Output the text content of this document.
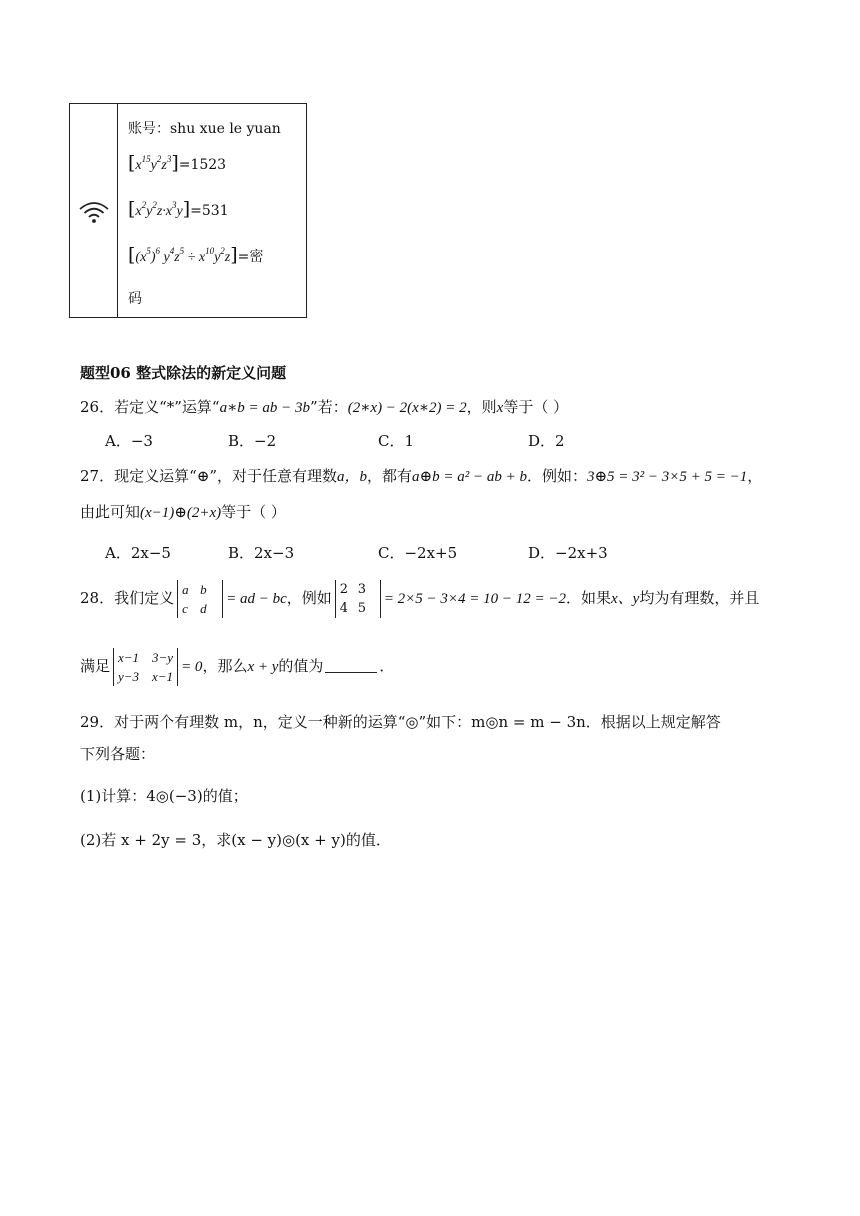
账号：shu xue le yuan
$[x^{15}y^2z^3]=1523$
$[x^2y^2z\cdot x^3y]=531$
[$(x^5)^6$ $y^4z^5 \div x^{10}y^2z]=$密
码
题型06 整式除法的新定义问题
26．若定义“*”运算“a∗b = ab − 3b”若：(2∗x) − 2(x∗2) = 2，则x等于（ ）
A．−3	B．−2	C．1	D．2
27．现定义运算“⊕”，对于任意有理数a，b，都有a⊕b = a² − ab + b．例如：3⊕5 = 3² − 3×5 + 5 = −1，
由此可知(x−1)⊕(2+x)等于（ ）
A．2x−5	B．2x−3	C．−2x+5	D．−2x+3
28．我们定义 a b
c d
= ad − bc，例如 2 3
4 5
= 2×5 − 3×4 = 10 − 12 = −2．如果x、y均为有理数，并且
满足 x−1 3−y
y−3 x−1
= 0，那么x + y的值为	．
29．对于两个有理数 m，n，定义一种新的运算“◎”如下：m◎n = m − 3n．根据以上规定解答
下列各题：
(1)计算：4◎(−3)的值；
(2)若 x + 2y = 3，求(x − y)◎(x + y)的值．
